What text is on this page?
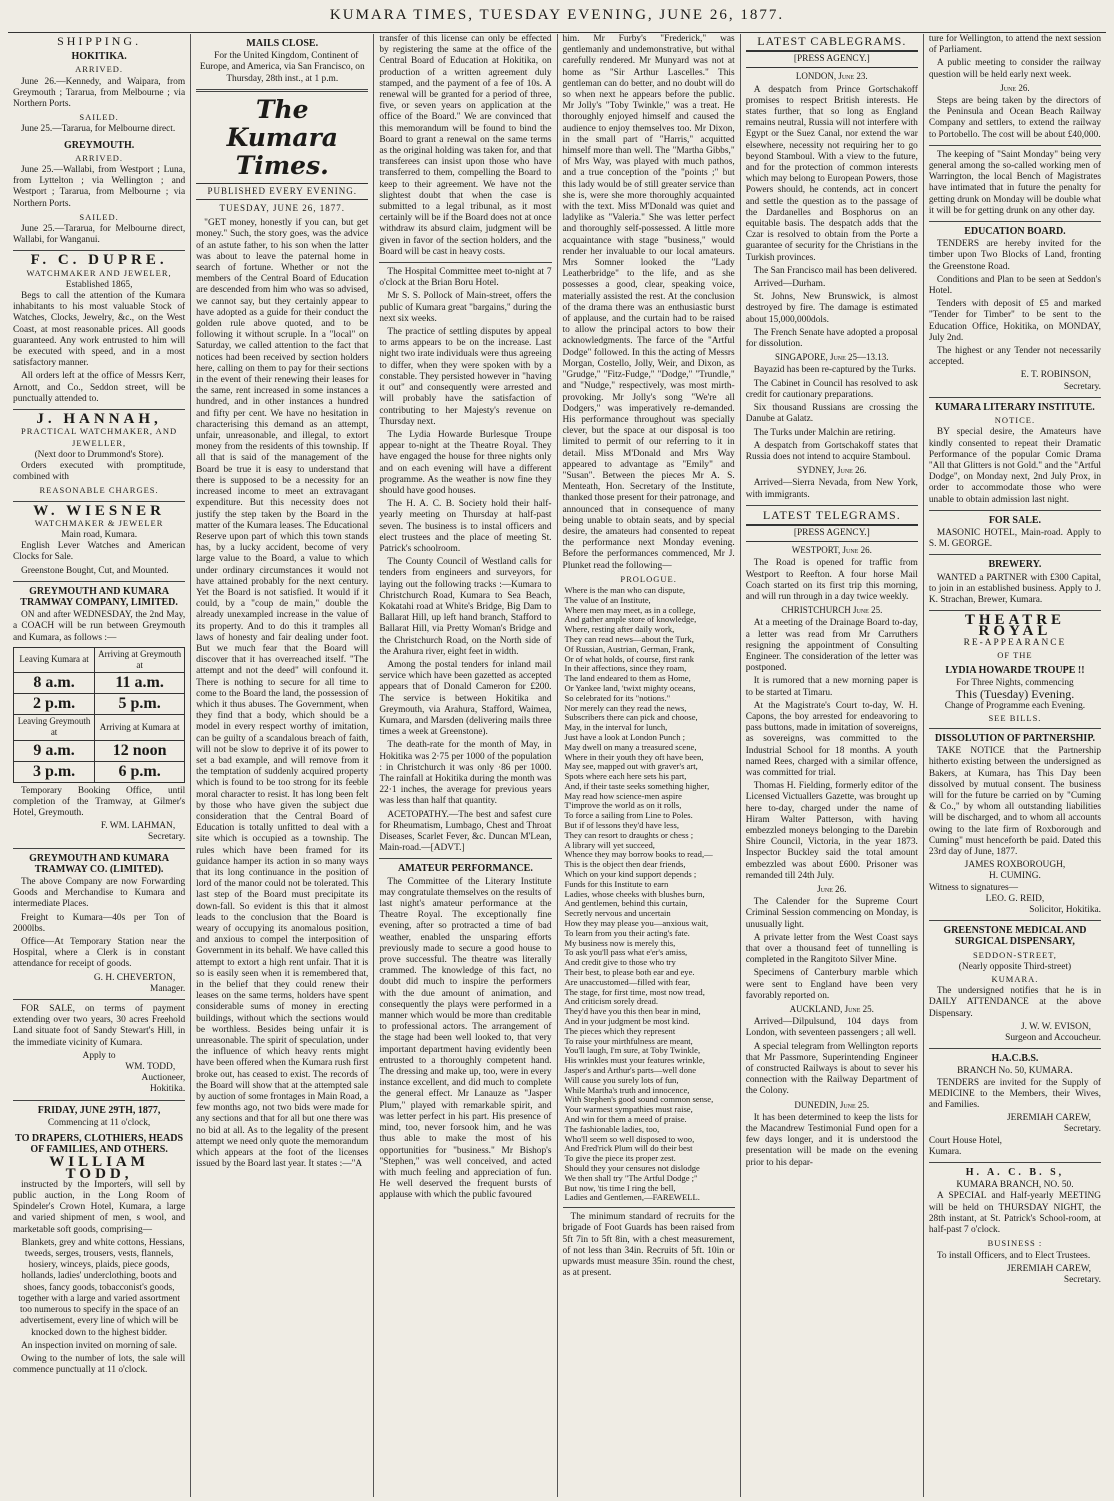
KUMARA TIMES, TUESDAY EVENING, JUNE 26, 1877.
SHIPPING.
HOKITIKA.
ARRIVED.

June 26.—Kennedy, and Waipara, from Greymouth ; Tararua, from Melbourne ; via Northern Ports.

SAILED.

June 25.—Tararua, for Melbourne direct.

GREYMOUTH.
ARRIVED.

June 25.—Wallabi, from Westport ; Luna, from Lyttelton ; via Wellington ; and Westport ; Tararua, from Melbourne ; via Northern Ports.

SAILED.

June 25.—Tararua, for Melbourne direct, Wallabi, for Wanganui.

F. C. DUPRE.
WATCHMAKER AND JEWELER,
Established 1865,

Begs to call the attention of the Kumara inhabitants to his most valuable Stock of Watches, Clocks, Jewelry, &c., on the West Coast, at most reasonable prices. All goods guaranteed. Any work entrusted to him will be executed with speed, and in a most satisfactory manner.

All orders left at the office of Messrs Kerr, Arnott, and Co., Seddon street, will be punctually attended to.

J. HANNAH,
PRACTICAL WATCHMAKER, AND JEWELLER,
(Next door to Drummond's Store).

Orders executed with promptitude, combined with

REASONABLE CHARGES.
W. WIESNER
WATCHMAKER & JEWELER
Main road, Kumara.

English Lever Watches and American Clocks for Sale.

Greenstone Bought, Cut, and Mounted.

GREYMOUTH AND KUMARA TRAMWAY COMPANY, LIMITED.

ON and after WEDNESDAY, the 2nd May, a COACH will be run between Greymouth and Kumara, as follows :—

Leaving Kumara at	Arriving at Greymouth at
8 a.m.	11 a.m.
2 p.m.	5 p.m.
Leaving Greymouth at	Arriving at Kumara at
9 a.m.	12 noon
3 p.m.	6 p.m.

Temporary Booking Office, until completion of the Tramway, at Gilmer's Hotel, Greymouth.

F. WM. LAHMAN,
Secretary.
GREYMOUTH AND KUMARA TRAMWAY CO. (LIMITED).

The above Company are now Forwarding Goods and Merchandise to Kumara and intermediate Places.

Freight to Kumara—40s per Ton of 2000lbs.

Office—At Temporary Station near the Hospital, where a Clerk is in constant attendance for receipt of goods.

G. H. CHEVERTON,
Manager.

FOR SALE, on terms of payment extending over two years, 30 acres Freehold Land situate foot of Sandy Stewart's Hill, in the immediate vicinity of Kumara.

Apply to
WM. TODD,
Auctioneer,
Hokitika.
FRIDAY, JUNE 29TH, 1877,
Commencing at 11 o'clock,
TO DRAPERS, CLOTHIERS, HEADS OF FAMILIES, AND OTHERS.
WILLIAM TODD,

instructed by the Importers, will sell by public auction, in the Long Room of Spindeler's Crown Hotel, Kumara, a large and varied shipment of men, s wool, and marketable soft goods, comprising—

Blankets, grey and white cottons, Hessians, tweeds, serges, trousers, vests, flannels, hosiery, winceys, plaids, piece goods, hollands, ladies' underclothing, boots and shoes, fancy goods, tobacconist's goods, together with a large and varied assortment too numerous to specify in the space of an advertisement, every line of which will be knocked down to the highest bidder.

An inspection invited on morning of sale.

Owing to the number of lots, the sale will commence punctually at 11 o'clock.

MAILS CLOSE.

For the United Kingdom, Continent of Europe, and America, via San Francisco, on Thursday, 28th inst., at 1 p.m.

The Kumara Times.
PUBLISHED EVERY EVENING.
TUESDAY, JUNE 26, 1877.

"GET money, honestly if you can, but get money." Such, the story goes, was the advice of an astute father, to his son when the latter was about to leave the paternal home in search of fortune. Whether or not the members of the Central Board of Education are descended from him who was so advised, we cannot say, but they certainly appear to have adopted as a guide for their conduct the golden rule above quoted, and to be following it without scruple. In a "local" on Saturday, we called attention to the fact that notices had been received by section holders here, calling on them to pay for their sections in the event of their renewing their leases for the same, rent increased in some instances a hundred, and in other instances a hundred and fifty per cent. We have no hesitation in characterising this demand as an attempt, unfair, unreasonable, and illegal, to extort money from the residents of this township. If all that is said of the management of the Board be true it is easy to understand that there is supposed to be a necessity for an increased income to meet an extravagant expenditure. But this necessity does not justify the step taken by the Board in the matter of the Kumara leases. The Educational Reserve upon part of which this town stands has, by a lucky accident, become of very large value to the Board, a value to which under ordinary circumstances it would not have attained probably for the next century. Yet the Board is not satisfied. It would if it could, by a "coup de main," double the already unexampled increase in the value of its property. And to do this it tramples all laws of honesty and fair dealing under foot. But we much fear that the Board will discover that it has overreached itself. "The attempt and not the deed" will confound it. There is nothing to secure for all time to come to the Board the land, the possession of which it thus abuses. The Government, when they find that a body, which should be a model in every respect worthy of imitation, can be guilty of a scandalous breach of faith, will not be slow to deprive it of its power to set a bad example, and will remove from it the temptation of suddenly acquired property which is found to be too strong for its feeble moral character to resist. It has long been felt by those who have given the subject due consideration that the Central Board of Education is totally unfitted to deal with a site which is occupied as a township. The rules which have been framed for its guidance hamper its action in so many ways that its long continuance in the position of lord of the manor could not be tolerated. This last step of the Board must precipitate its down-fall. So evident is this that it almost leads to the conclusion that the Board is weary of occupying its anomalous position, and anxious to compel the interposition of Government in its behalf. We have called this attempt to extort a high rent unfair. That it is so is easily seen when it is remembered that, in the belief that they could renew their leases on the same terms, holders have spent considerable sums of money in erecting buildings, without which the sections would be worthless. Besides being unfair it is unreasonable. The spirit of speculation, under the influence of which heavy rents might have been offered when the Kumara rush first broke out, has ceased to exist. The records of the Board will show that at the attempted sale by auction of some frontages in Main Road, a few months ago, not two bids were made for any sections and that for all but one there was no bid at all. As to the legality of the present attempt we need only quote the memorandum which appears at the foot of the licenses issued by the Board last year. It states :—"A

transfer of this license can only be effected by registering the same at the office of the Central Board of Education at Hokitika, on production of a written agreement duly stamped, and the payment of a fee of 10s. A renewal will be granted for a period of three, five, or seven years on application at the office of the Board." We are convinced that this memorandum will be found to bind the Board to grant a renewal on the same terms as the original holding was taken for, and that transferees can insist upon those who have transferred to them, compelling the Board to keep to their agreement. We have not the slightest doubt that when the case is submitted to a legal tribunal, as it most certainly will be if the Board does not at once withdraw its absurd claim, judgment will be given in favor of the section holders, and the Board will be cast in heavy costs.

The Hospital Committee meet to-night at 7 o'clock at the Brian Boru Hotel.

Mr S. S. Pollock of Main-street, offers the public of Kumara great "bargains," during the next six weeks.

The practice of settling disputes by appeal to arms appears to be on the increase. Last night two irate individuals were thus agreeing to differ, when they were spoken with by a constable. They persisted however in "having it out" and consequently were arrested and will probably have the satisfaction of contributing to her Majesty's revenue on Thursday next.

The Lydia Howarde Burlesque Troupe appear to-night at the Theatre Royal. They have engaged the house for three nights only and on each evening will have a different programme. As the weather is now fine they should have good houses.

The H. A. C. B. Society hold their half-yearly meeting on Thursday at half-past seven. The business is to instal officers and elect trustees and the place of meeting St. Patrick's schoolroom.

The County Council of Westland calls for tenders from engineers and surveyors, for laying out the following tracks :—Kumara to Christchurch Road, Kumara to Sea Beach, Kokatahi road at White's Bridge, Big Dam to Ballarat Hill, up left hand branch, Stafford to Ballarat Hill, via Pretty Woman's Bridge and the Christchurch Road, on the North side of the Arahura river, eight feet in width.

Among the postal tenders for inland mail service which have been gazetted as accepted appears that of Donald Cameron for £200. The service is between Hokitika and Greymouth, via Arahura, Stafford, Waimea, Kumara, and Marsden (delivering mails three times a week at Greenstone).

The death-rate for the month of May, in Hokitika was 2·75 per 1000 of the population : in Christchurch it was only ·86 per 1000. The rainfall at Hokitika during the month was 22·1 inches, the average for previous years was less than half that quantity.

ACETOPATHY.—The best and safest cure for Rheumatism, Lumbago, Chest and Throat Diseases, Scarlet Fever, &c. Duncan M'Lean, Main-road.—[ADVT.]

AMATEUR PERFORMANCE.

The Committee of the Literary Institute may congratulate themselves on the results of last night's amateur performance at the Theatre Royal. The exceptionally fine evening, after so protracted a time of bad weather, enabled the unsparing efforts previously made to secure a good house to prove successful. The theatre was literally crammed. The knowledge of this fact, no doubt did much to inspire the performers with the due amount of animation, and consequently the plays were performed in a manner which would be more than creditable to professional actors. The arrangement of the stage had been well looked to, that very important department having evidently been entrusted to a thoroughly competent hand. The dressing and make up, too, were in every instance excellent, and did much to complete the general effect. Mr Lanauze as "Jasper Plum," played with remarkable spirit, and was letter perfect in his part. His presence of mind, too, never forsook him, and he was thus able to make the most of his opportunities for "business." Mr Bishop's "Stephen," was well conceived, and acted with much feeling and appreciation of fun. He well deserved the frequent bursts of applause with which the public favoured

him. Mr Furby's "Frederick," was gentlemanly and undemonstrative, but withal carefully rendered. Mr Munyard was not at home as "Sir Arthur Lascelles." This gentleman can do better, and no doubt will do so when next he appears before the public. Mr Jolly's "Toby Twinkle," was a treat. He thoroughly enjoyed himself and caused the audience to enjoy themselves too. Mr Dixon, in the small part of "Harris," acquitted himself more than well. The "Martha Gibbs," of Mrs Way, was played with much pathos, and a true conception of the "points ;" but this lady would be of still greater service than she is, were she more thoroughly acquainted with the text. Miss M'Donald was quiet and ladylike as "Valeria." She was letter perfect and thoroughly self-possessed. A little more acquaintance with stage "business," would render her invaluable to our local amateurs. Mrs Somner looked the "Lady Leatherbridge" to the life, and as she possesses a good, clear, speaking voice, materially assisted the rest. At the conclusion of the drama there was an enthusiastic burst of applause, and the curtain had to be raised to allow the principal actors to bow their acknowledgments. The farce of the "Artful Dodge" followed. In this the acting of Messrs Morgan, Costello, Jolly, Weir, and Dixon, as "Grudge," "Fitz-Fudge," "Dodge," "Trundle," and "Nudge," respectively, was most mirth-provoking. Mr Jolly's song "We're all Dodgers," was imperatively re-demanded. His performance throughout was specially clever, but the space at our disposal is too limited to permit of our referring to it in detail. Miss M'Donald and Mrs Way appeared to advantage as "Emily" and "Susan". Between the pieces Mr A. S. Menteath, Hon. Secretary of the Institute, thanked those present for their patronage, and announced that in consequence of many being unable to obtain seats, and by special desire, the amateurs had consented to repeat the performance next Monday evening. Before the performances commenced, Mr J. Plunket read the following—

PROLOGUE.
Where is the man who can dispute,
The value of an Institute,
Where men may meet, as in a college,
And gather ample store of knowledge,
Where, resting after daily work,
They can read news—about the Turk,
Of Russian, Austrian, German, Frank,
Or of what holds, of course, first rank
In their affections, since they roam,
The land endeared to them as Home,
Or Yankee land, 'twixt mighty oceans,
So celebrated for its "notions."
Nor merely can they read the news,
Subscribers there can pick and choose,
May, in the interval for lunch,
Just have a look at London Punch ;
May dwell on many a treasured scene,
Where in their youth they oft have been,
May see, mapped out with graver's art,
Spots where each here sets his part,
And, if their taste seeks something higher,
May read how science-men aspire
T'improve the world as on it rolls,
To force a sailing from Line to Poles.
But if of lessons they'd have less,
They can resort to draughts or chess ;
A library will yet succeed,
Whence they may borrow books to read,—
This is the object then dear friends,
Which on your kind support depends ;
Funds for this Institute to earn
Ladies, whose cheeks with blushes burn,
And gentlemen, behind this curtain,
Secretly nervous and uncertain
How they may please you—anxious wait,
To learn from you their acting's fate.
My business now is merely this,
To ask you'll pass what e'er's amiss,
And credit give to those who try
Their best, to please both ear and eye.
Are unaccustomed—filled with fear,
The stage, for first time, most now tread,
And criticism sorely dread.
They'd have you this then bear in mind,
And in your judgment be most kind.
The pieces which they represent
To raise your mirthfulness are meant,
You'll laugh, I'm sure, at Toby Twinkle,
His wrinkles must your features wrinkle,
Jasper's and Arthur's parts—well done
Will cause you surely lots of fun,
While Martha's truth and innocence,
With Stephen's good sound common sense,
Your warmest sympathies must raise,
And win for them a meed of praise.
The fashionable ladies, too,
Who'll seem so well disposed to woo,
And Fred'rick Plum will do their best
To give the piece its proper zest.
Should they your censures not dislodge
We then shall try "The Artful Dodge ;"
But now, 'tis time I ring the bell,
Ladies and Gentlemen,—FAREWELL.

The minimum standard of recruits for the brigade of Foot Guards has been raised from 5ft 7in to 5ft 8in, with a chest measurement, of not less than 34in. Recruits of 5ft. 10in or upwards must measure 35in. round the chest, as at present.

LATEST CABLEGRAMS.
[PRESS AGENCY.]
LONDON, June 23.

A despatch from Prince Gortschakoff promises to respect British interests. He states further, that so long as England remains neutral, Russia will not interfere with Egypt or the Suez Canal, nor extend the war elsewhere, necessity not requiring her to go beyond Stamboul. With a view to the future, and for the protection of common interests which may belong to European Powers, those Powers should, he contends, act in concert and settle the question as to the passage of the Dardanelles and Bosphorus on an equitable basis. The despatch adds that the Czar is resolved to obtain from the Porte a guarantee of security for the Christians in the Turkish provinces.

The San Francisco mail has been delivered.

Arrived—Durham.

St. Johns, New Brunswick, is almost destroyed by fire. The damage is estimated about 15,000,000dols.

The French Senate have adopted a proposal for dissolution.

SINGAPORE, June 25—13.13.

Bayazid has been re-captured by the Turks.

The Cabinet in Council has resolved to ask credit for cautionary preparations.

Six thousand Russians are crossing the Danube at Galatz.

The Turks under Malchin are retiring.

A despatch from Gortschakoff states that Russia does not intend to acquire Stamboul.

SYDNEY, June 26.

Arrived—Sierra Nevada, from New York, with immigrants.

LATEST TELEGRAMS.
[PRESS AGENCY.]
WESTPORT, June 26.

The Road is opened for traffic from Westport to Reefton. A four horse Mail Coach started on its first trip this morning, and will run through in a day twice weekly.

CHRISTCHURCH June 25.

At a meeting of the Drainage Board to-day, a letter was read from Mr Carruthers resigning the appointment of Consulting Engineer. The consideration of the letter was postponed.

It is rumored that a new morning paper is to be started at Timaru.

At the Magistrate's Court to-day, W. H. Capons, the boy arrested for endeavoring to pass buttons, made in imitation of sovereigns, as sovereigns, was committed to the Industrial School for 18 months. A youth named Rees, charged with a similar offence, was committed for trial.

Thomas H. Fielding, formerly editor of the Licensed Victuallers Gazette, was brought up here to-day, charged under the name of Hiram Walter Patterson, with having embezzled moneys belonging to the Darebin Shire Council, Victoria, in the year 1873. Inspector Buckley said the total amount embezzled was about £600. Prisoner was remanded till 24th July.

June 26.

The Calender for the Supreme Court Criminal Session commencing on Monday, is unusually light.

A private letter from the West Coast says that over a thousand feet of tunnelling is completed in the Rangitoto Silver Mine.

Specimens of Canterbury marble which were sent to England have been very favorably reported on.

AUCKLAND, June 25.

Arrived—Dilpulsund, 104 days from London, with seventeen passengers ; all well.

A special telegram from Wellington reports that Mr Passmore, Superintending Engineer of constructed Railways is about to sever his connection with the Railway Department of the Colony.

DUNEDIN, June 25.

It has been determined to keep the lists for the Macandrew Testimonial Fund open for a few days longer, and it is understood the presentation will be made on the evening prior to his depar-

ture for Wellington, to attend the next session of Parliament.

A public meeting to consider the railway question will be held early next week.

June 26.

Steps are being taken by the directors of the Peninsula and Ocean Beach Railway Company and settlers, to extend the railway to Portobello. The cost will be about £40,000.

The keeping of "Saint Monday" being very general among the so-called working men of Warrington, the local Bench of Magistrates have intimated that in future the penalty for getting drunk on Monday will be double what it will be for getting drunk on any other day.

EDUCATION BOARD.

TENDERS are hereby invited for the timber upon Two Blocks of Land, fronting the Greenstone Road.

Conditions and Plan to be seen at Seddon's Hotel.

Tenders with deposit of £5 and marked "Tender for Timber" to be sent to the Education Office, Hokitika, on MONDAY, July 2nd.

The highest or any Tender not necessarily accepted.

E. T. ROBINSON,
Secretary.
KUMARA LITERARY INSTITUTE.
NOTICE.

BY special desire, the Amateurs have kindly consented to repeat their Dramatic Performance of the popular Comic Drama "All that Glitters is not Gold." and the "Artful Dodge", on Monday next, 2nd July Prox, in order to accommodate those who were unable to obtain admission last night.

FOR SALE.

MASONIC HOTEL, Main-road. Apply to S. M. GEORGE.

BREWERY.

WANTED a PARTNER with £300 Capital, to join in an established business. Apply to J. K. Strachan, Brewer, Kumara.

THEATRE ROYAL
RE-APPEARANCE
OF THE
LYDIA HOWARDE TROUPE !!
For Three Nights, commencing
This (Tuesday) Evening.
Change of Programme each Evening.
SEE BILLS.
DISSOLUTION OF PARTNERSHIP.

TAKE NOTICE that the Partnership hitherto existing between the undersigned as Bakers, at Kumara, has This Day been dissolved by mutual consent. The business will for the future be carried on by "Cuming & Co.," by whom all outstanding liabilities will be discharged, and to whom all accounts owing to the late firm of Roxborough and Cuming" must henceforth be paid. Dated this 23rd day of June, 1877.

JAMES ROXBOROUGH,
H. CUMING.
Witness to signatures—
LEO. G. REID,
Solicitor, Hokitika.
GREENSTONE MEDICAL AND SURGICAL DISPENSARY,
SEDDON-STREET,
(Nearly opposite Third-street)
KUMARA.

The undersigned notifies that he is in DAILY ATTENDANCE at the above Dispensary.

J. W. W. EVISON,
Surgeon and Accoucheur.
H.A.C.B.S.
BRANCH No. 50, KUMARA.

TENDERS are invited for the Supply of MEDICINE to the Members, their Wives, and Families.

JEREMIAH CAREW,
Secretary.
Court House Hotel,
Kumara.
H. A. C. B. S,
KUMARA BRANCH, NO. 50.

A SPECIAL and Half-yearly MEETING will be held on THURSDAY NIGHT, the 28th instant, at St. Patrick's School-room, at half-past 7 o'clock.

BUSINESS :

To install Officers, and to Elect Trustees.

JEREMIAH CAREW,
Secretary.
